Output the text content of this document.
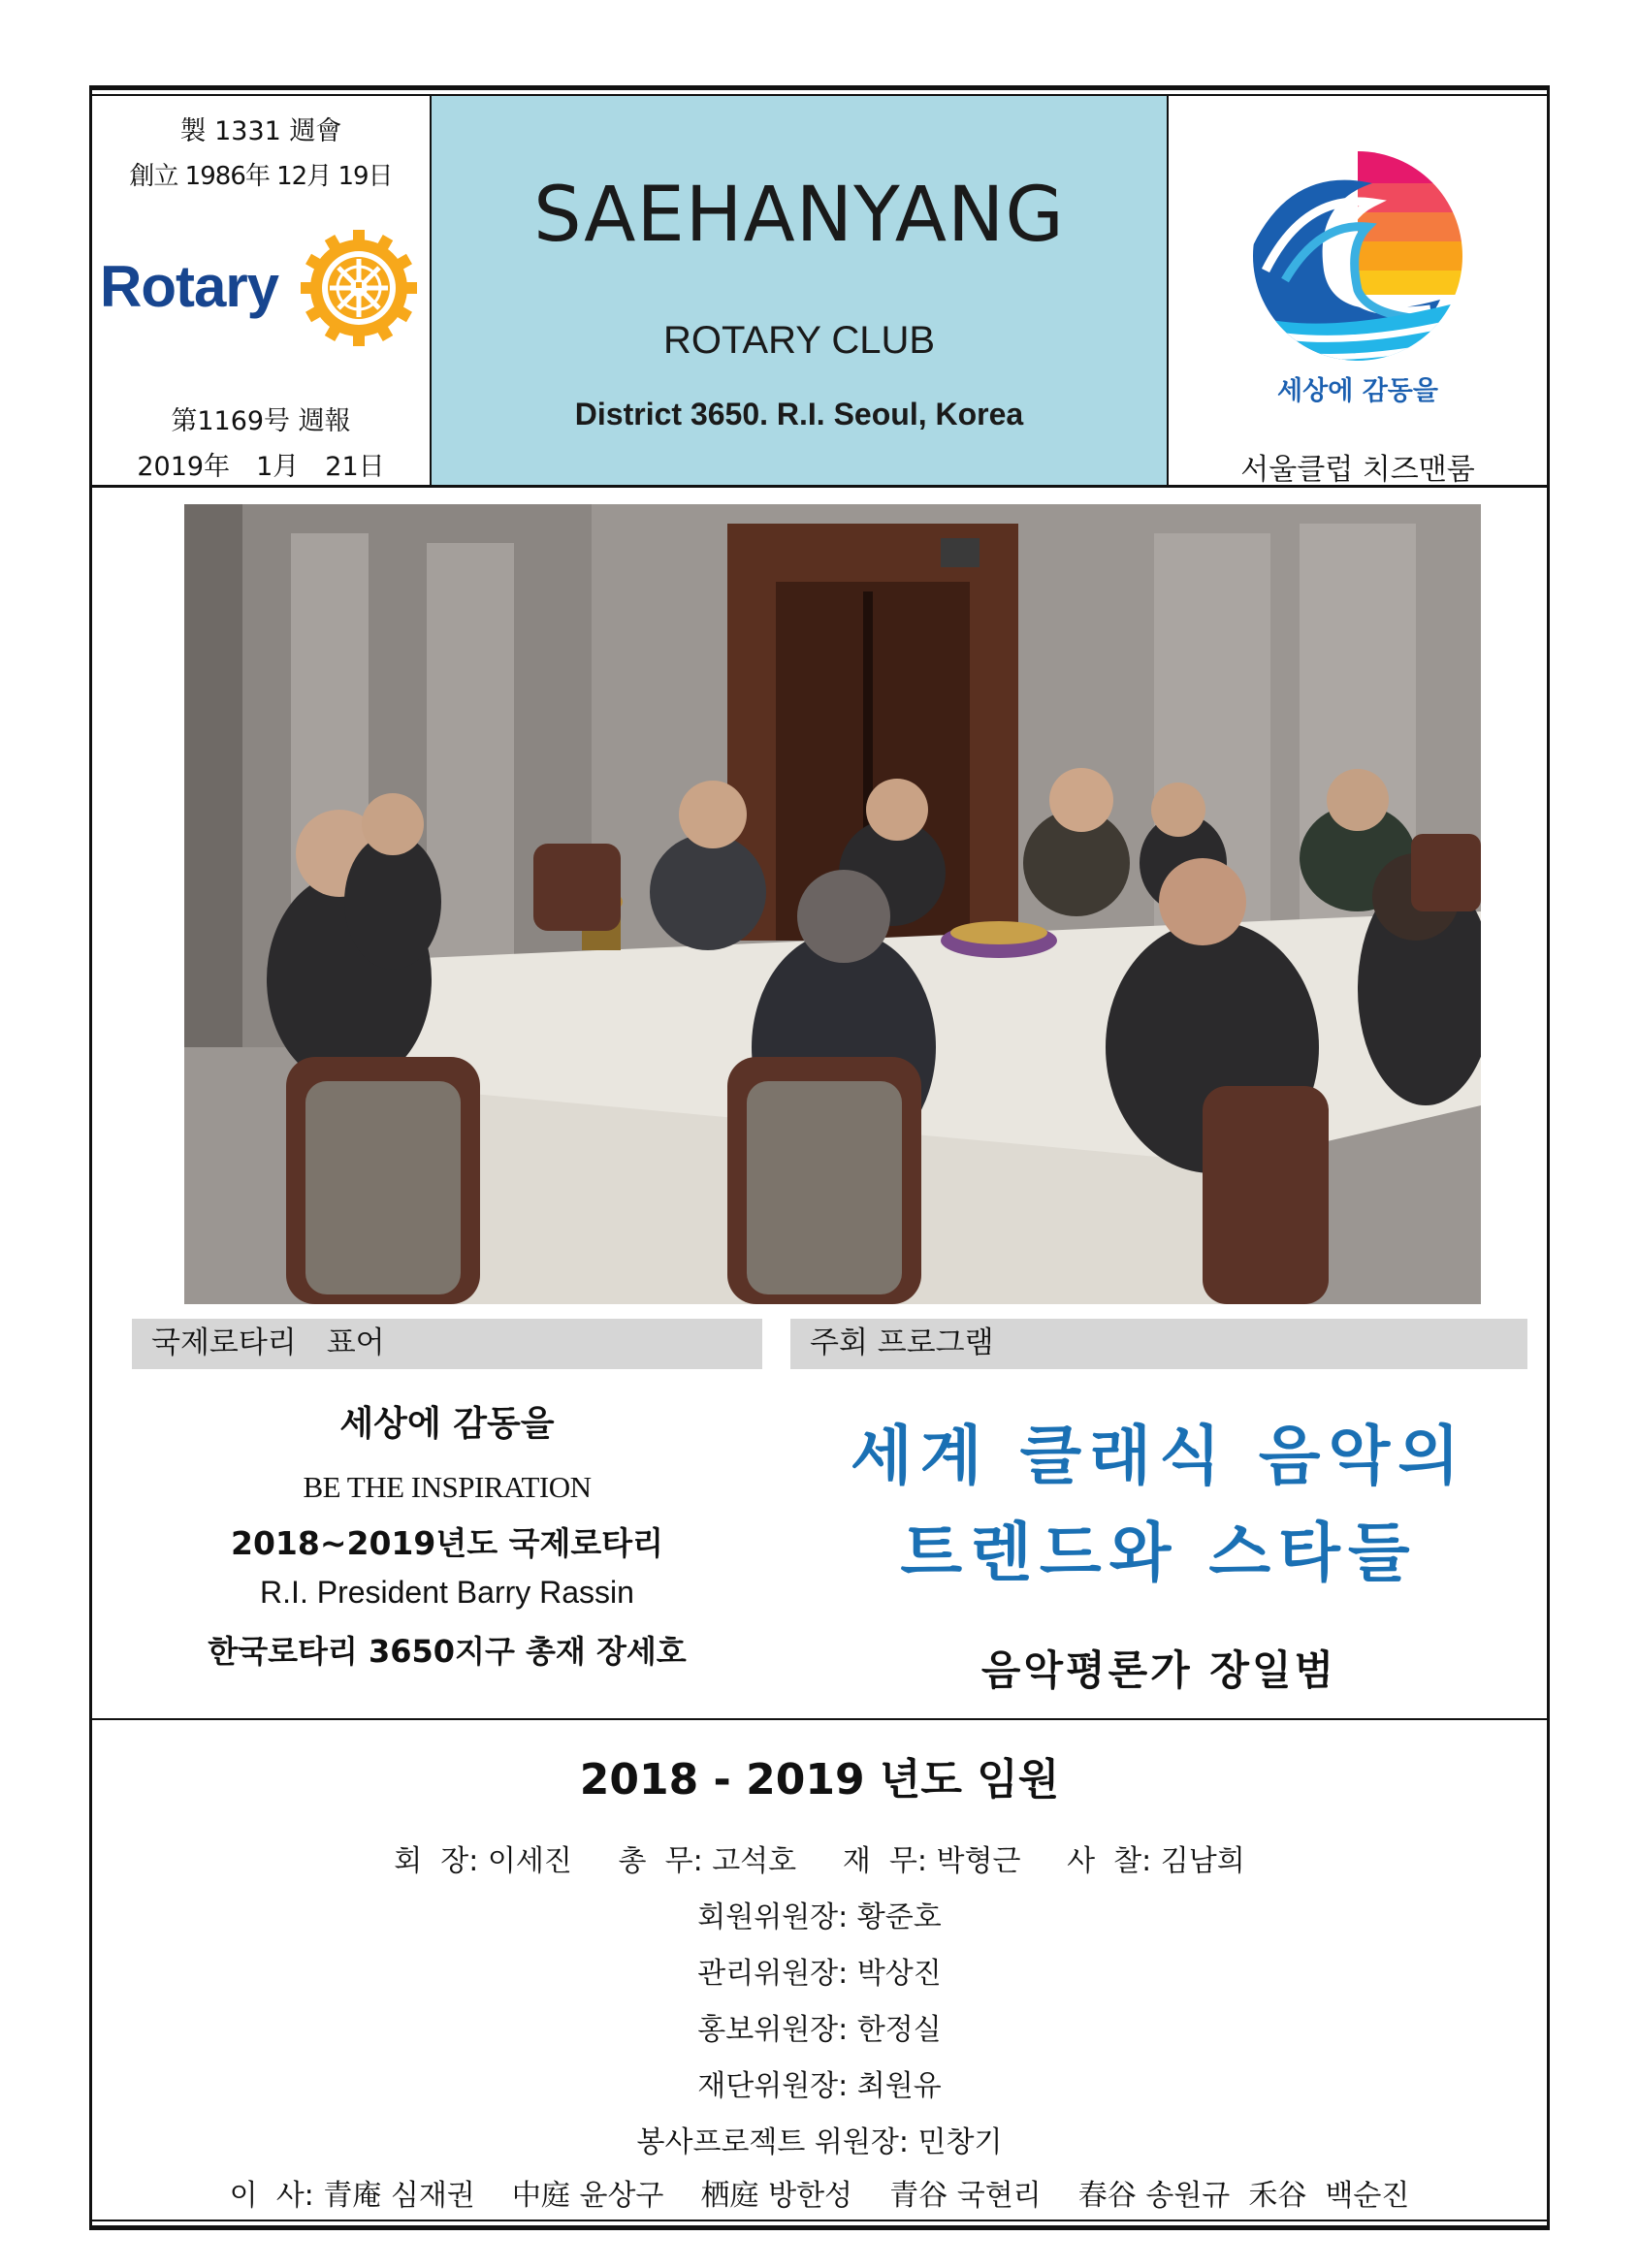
製 1331 週會
創立 1986年 12月 19日
Rotary
第1169号 週報
2019年　1月　21日
SAEHANYANG
ROTARY CLUB
District 3650. R.I. Seoul, Korea
세상에 감동을
서울클럽 치즈맨룸
국제로타리　표어
세상에 감동을
BE THE INSPIRATION
2018~2019년도 국제로타리
R.I. President Barry Rassin
한국로타리 3650지구 총재 장세호
주회 프로그램
세계 클래식 음악의
트렌드와 스타들
음악평론가 장일범
2018 - 2019 년도 임원
회  장: 이세진     총  무: 고석호     재  무: 박형근     사  찰: 김남희
회원위원장: 황준호
관리위원장: 박상진
홍보위원장: 한정실
재단위원장: 최원유
봉사프로젝트 위원장: 민창기
이  사: 青庵 심재권    中庭 윤상구    栖庭 방한성    青谷 국현리    春谷 송원규  禾谷  백순진
